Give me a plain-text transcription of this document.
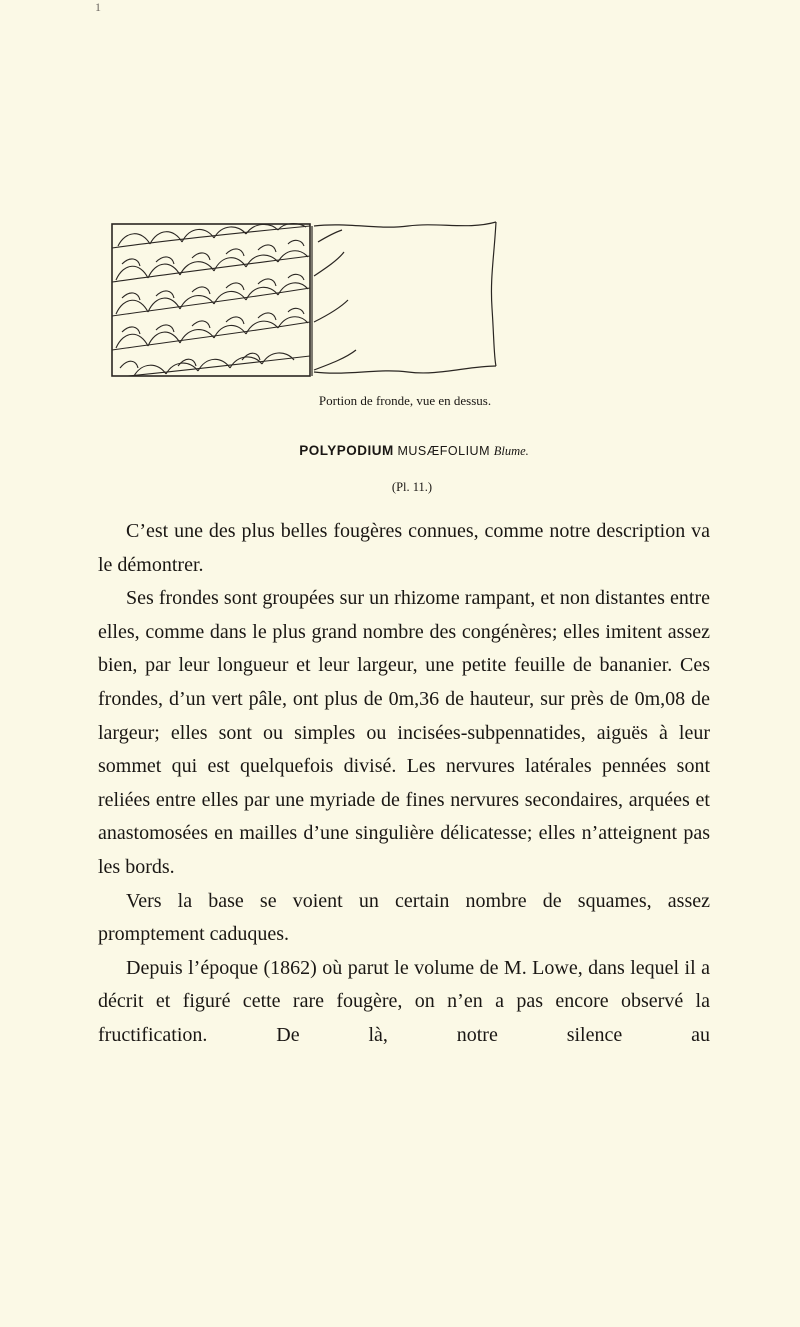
1
Portion de fronde, vue en dessus.
POLYPODIUM MUSÆFOLIUM Blume.
(Pl. 11.)

C’est une des plus belles fougères connues, comme notre description va le démontrer.

Ses frondes sont groupées sur un rhizome rampant, et non distantes entre elles, comme dans le plus grand nombre des congénères; elles imitent assez bien, par leur longueur et leur largeur, une petite feuille de bananier. Ces frondes, d’un vert pâle, ont plus de 0m,36 de hauteur, sur près de 0m,08 de largeur; elles sont ou simples ou incisées-subpennatides, aiguës à leur sommet qui est quelquefois divisé. Les nervures latérales pennées sont reliées entre elles par une myriade de fines nervures secondaires, arquées et anastomosées en mailles d’une singulière délicatesse; elles n’atteignent pas les bords.

Vers la base se voient un certain nombre de squames, assez promptement caduques.

Depuis l’époque (1862) où parut le volume de M. Lowe, dans lequel il a décrit et figuré cette rare fougère, on n’en a pas encore observé la fructification. De là, notre silence au
